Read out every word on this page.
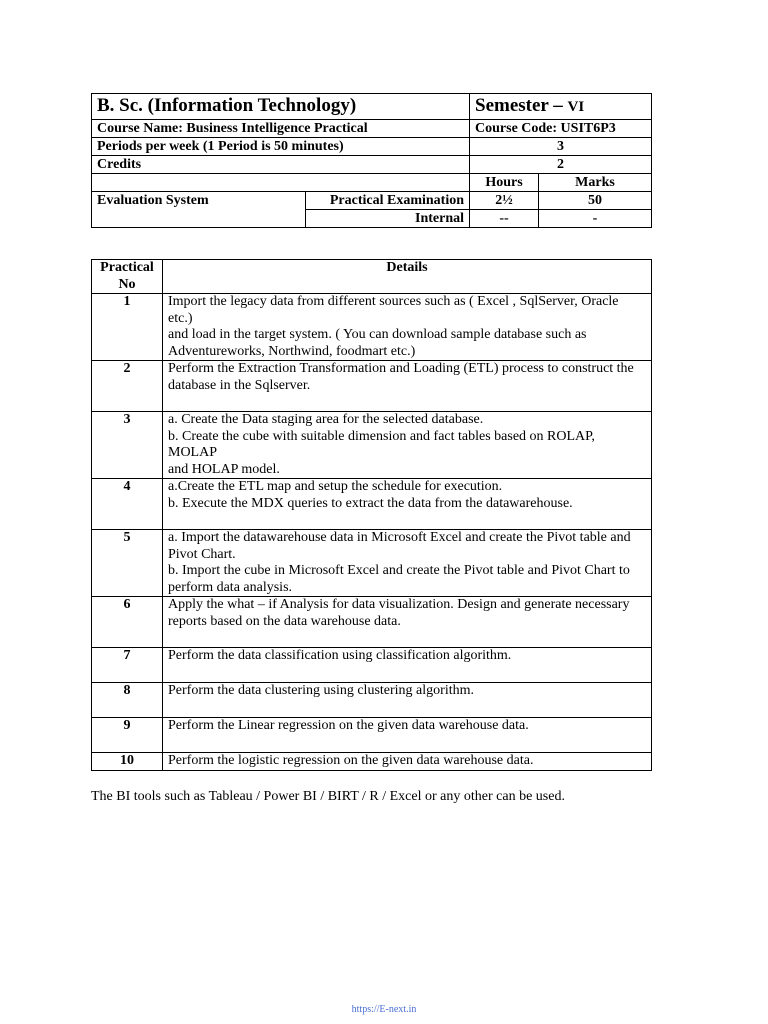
B. Sc. (Information Technology)		Semester – VI	
Course Name: Business Intelligence Practical		Course Code: USIT6P3	
Periods per week (1 Period is 50 minutes)		3	
Credits		2	
		Hours	Marks
Evaluation System	Practical Examination	2½	50
	Internal	--	-
Practical No	Details
1	Import the legacy data from different sources such as ( Excel , SqlServer, Oracle etc.)
and load in the target system. ( You can download sample database such as
Adventureworks, Northwind, foodmart etc.)

2	Perform the Extraction Transformation and Loading (ETL) process to construct the
database in the Sqlserver.

3	a. Create the Data staging area for the selected database.
b. Create the cube with suitable dimension and fact tables based on ROLAP, MOLAP
and HOLAP model.

4	a.Create the ETL map and setup the schedule for execution.
b. Execute the MDX queries to extract the data from the datawarehouse.

5	a. Import the datawarehouse data in Microsoft Excel and create the Pivot table and
Pivot Chart.
b. Import the cube in Microsoft Excel and create the Pivot table and Pivot Chart to
perform data analysis.

6	Apply the what – if Analysis for data visualization. Design and generate necessary
reports based on the data warehouse data.

7	Perform the data classification using classification algorithm.

8	Perform the data clustering using clustering algorithm.

9	Perform the Linear regression on the given data warehouse data.

10	Perform the logistic regression on the given data warehouse data.
The BI tools such as Tableau / Power BI / BIRT / R / Excel or any other can be used.
https://E-next.in
